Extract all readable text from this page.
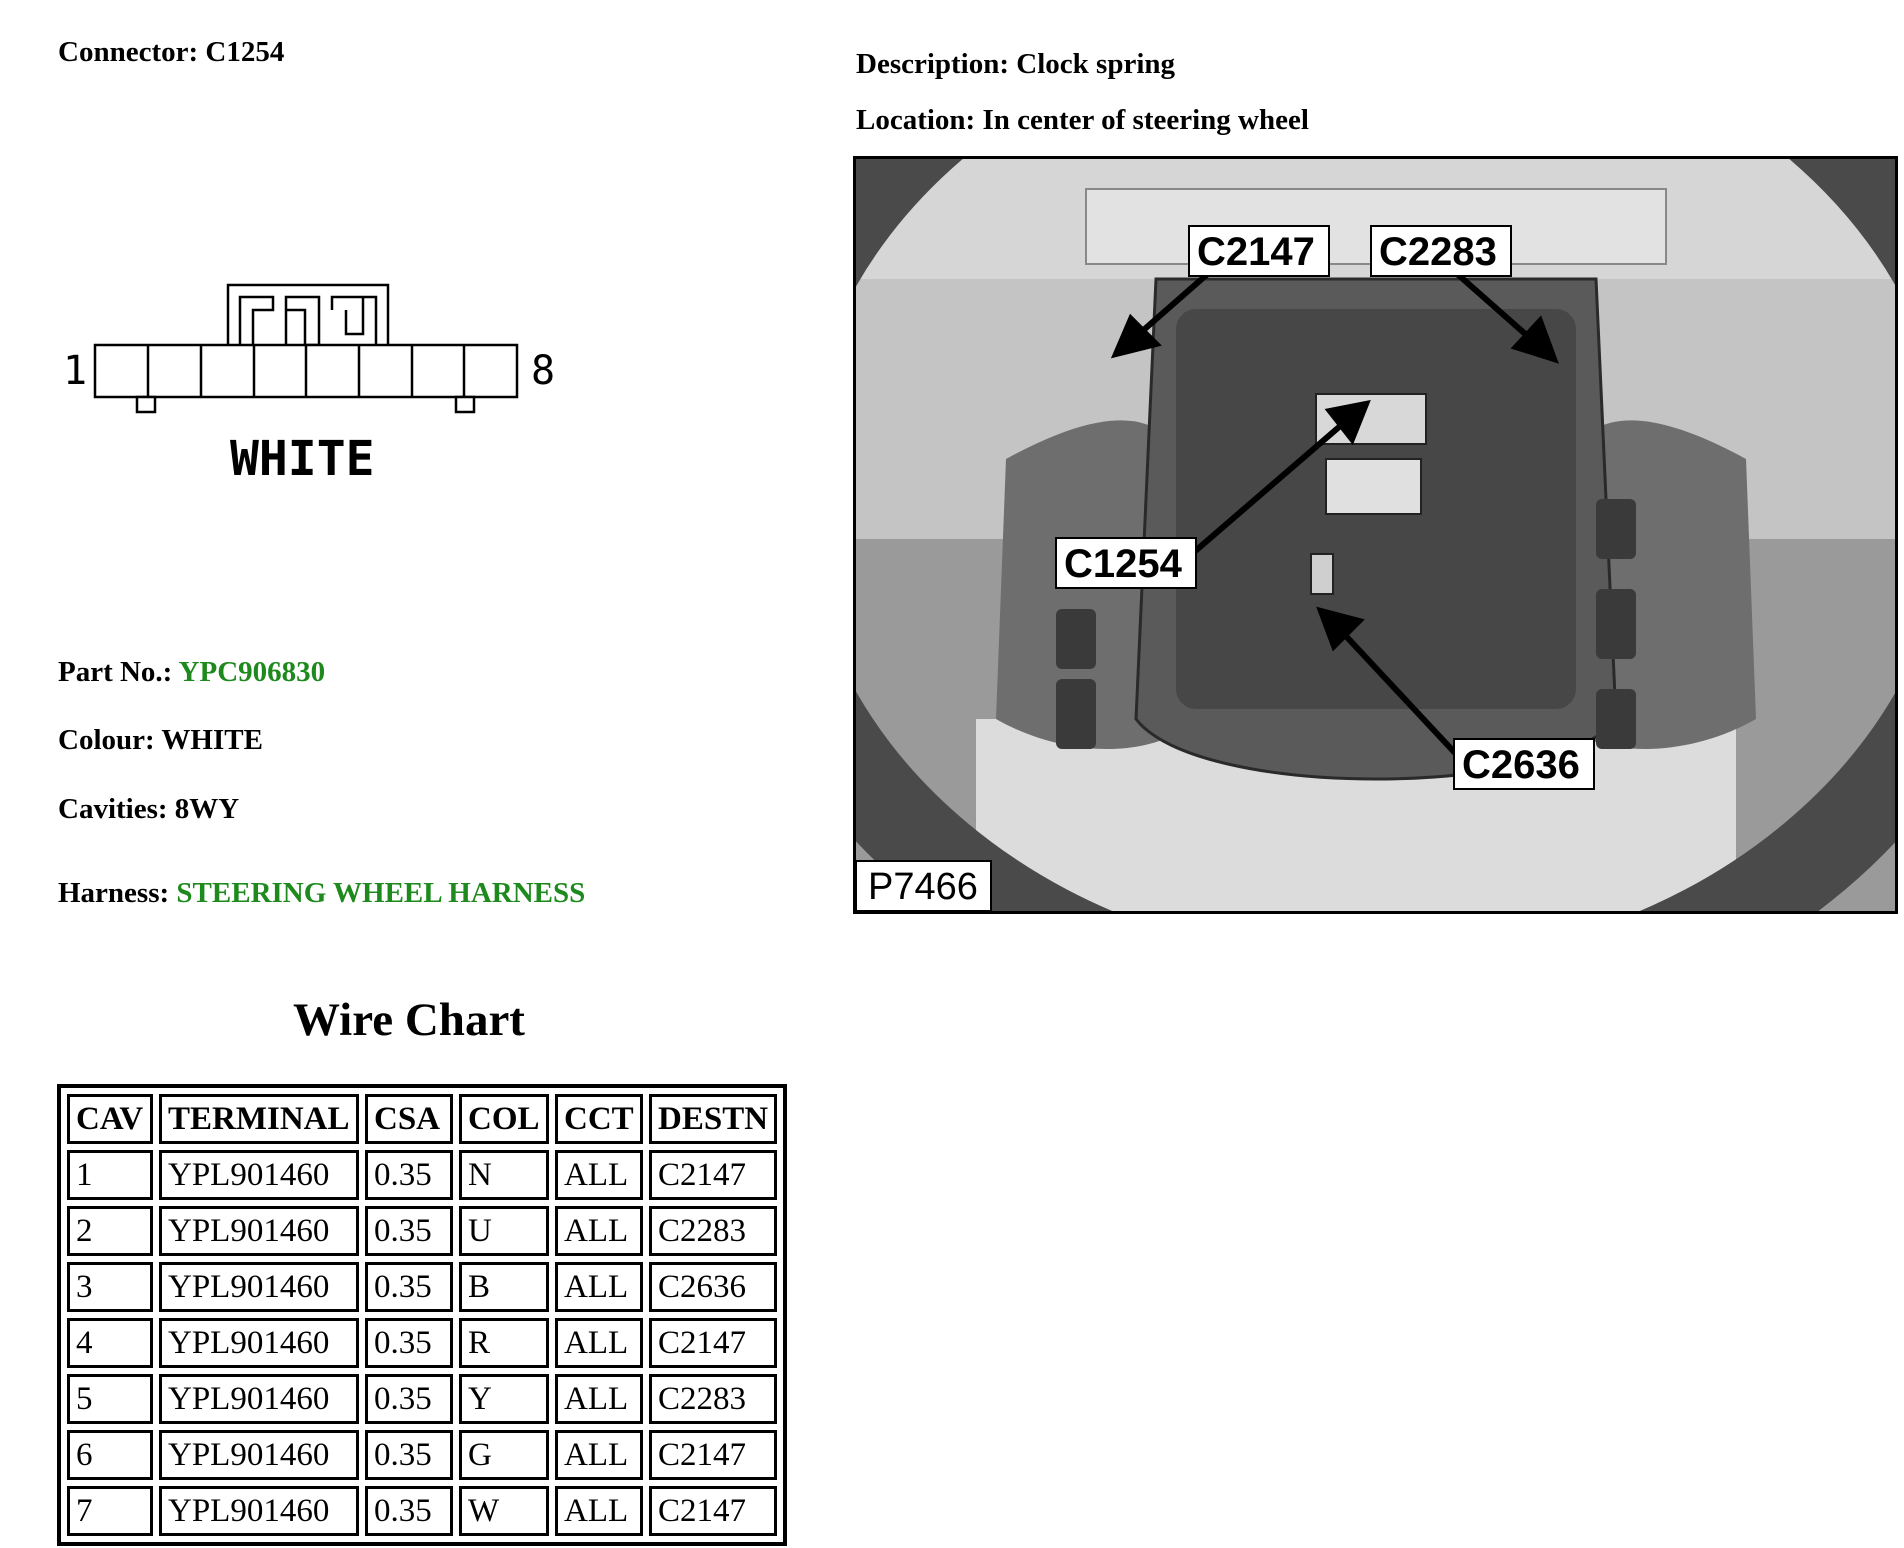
Connector: C1254	Description: Clock spring
Location: In center of steering wheel
1	8
WHITE
C2147 C2283
C1254
C2636
P7466
Part No.: YPC906830
Colour: WHITE
Cavities: 8WY
Harness: STEERING WHEEL HARNESS
Wire Chart
CAV	TERMINAL	CSA	COL	CCT	DESTN
1	YPL901460	0.35	N	ALL	C2147
2	YPL901460	0.35	U	ALL	C2283
3	YPL901460	0.35	B	ALL	C2636
4	YPL901460	0.35	R	ALL	C2147
5	YPL901460	0.35	Y	ALL	C2283
6	YPL901460	0.35	G	ALL	C2147
7	YPL901460	0.35	W	ALL	C2147
